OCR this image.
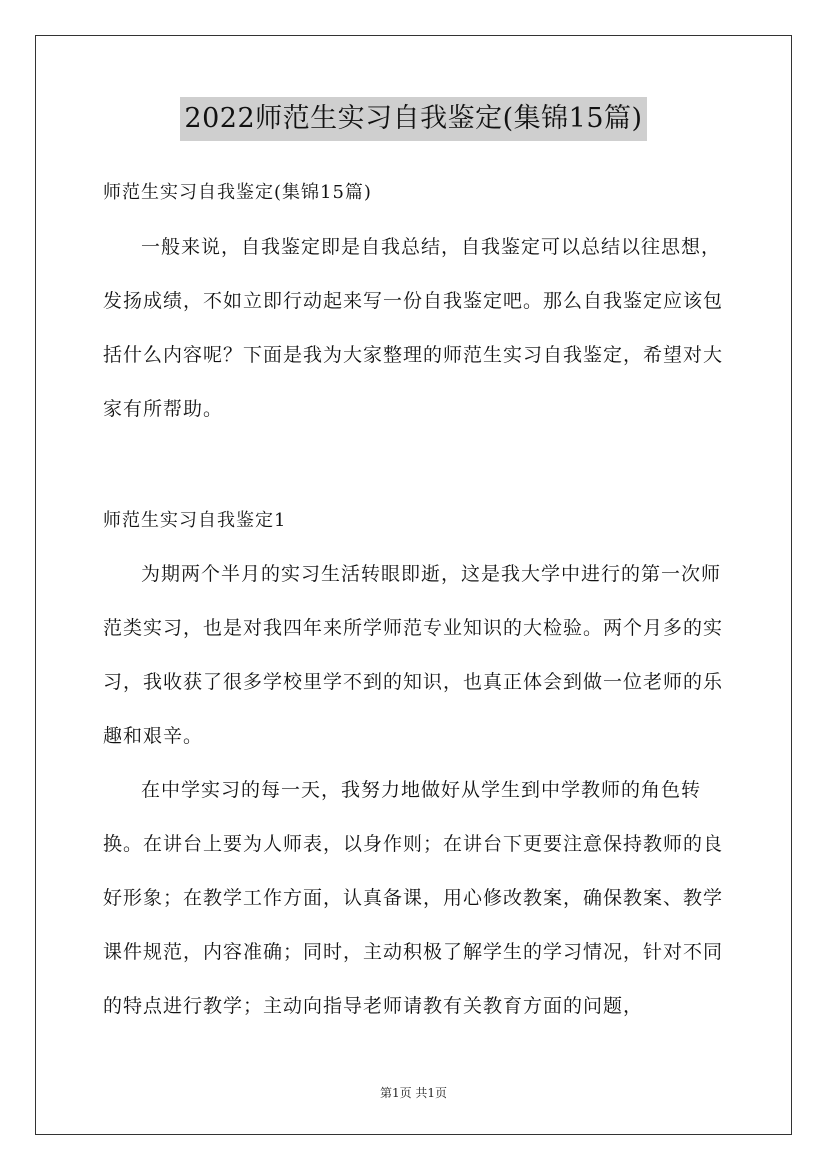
2022师范生实习自我鉴定(集锦15篇)
师范生实习自我鉴定(集锦15篇)

一般来说，自我鉴定即是自我总结，自我鉴定可以总结以往思想，发扬成绩，不如立即行动起来写一份自我鉴定吧。那么自我鉴定应该包括什么内容呢？下面是我为大家整理的师范生实习自我鉴定，希望对大家有所帮助。

师范生实习自我鉴定1

为期两个半月的实习生活转眼即逝，这是我大学中进行的第一次师范类实习，也是对我四年来所学师范专业知识的大检验。两个月多的实习，我收获了很多学校里学不到的知识，也真正体会到做一位老师的乐趣和艰辛。

在中学实习的每一天，我努力地做好从学生到中学教师的角色转换。在讲台上要为人师表，以身作则；在讲台下更要注意保持教师的良好形象；在教学工作方面，认真备课，用心修改教案，确保教案、教学课件规范，内容准确；同时，主动积极了解学生的学习情况，针对不同的特点进行教学；主动向指导老师请教有关教育方面的问题，

第1页 共1页
